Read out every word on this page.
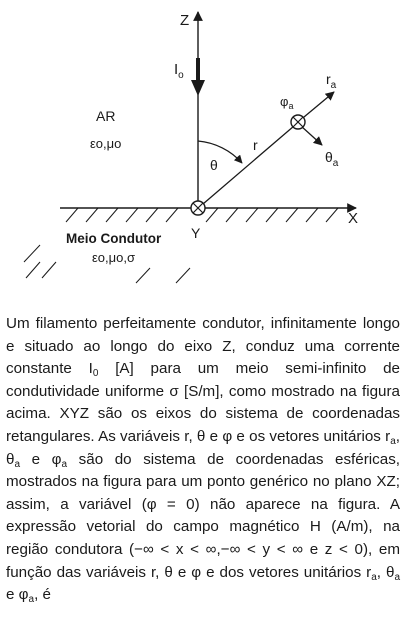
Z
$I_o$
AR
εo,μo
Y
X
r
θ
$\varphi_a$
$r_a$
$\theta_a$
Meio Condutor
εo,μo,σ
Um filamento perfeitamente condutor, infinitamente longo e situado ao longo do eixo Z, conduz uma corrente constante $I_0$ [A] para um meio semi-infinito de condutividade uniforme σ [S/m], como mostrado na figura acima. XYZ são os eixos do sistema de coordenadas retangulares. As variáveis r, θ e φ e os vetores unitários $r_a$, $\theta_a$ e $\varphi_a$ são do sistema de coordenadas esféricas, mostrados na figura para um ponto genérico no plano XZ; assim, a variável (φ = 0) não aparece na figura. A expressão vetorial do campo magnético H (A/m), na região condutora (−∞ < x < ∞,−∞ < y < ∞ e z < 0), em função das variáveis r, θ e φ e dos vetores unitários $r_a$, $\theta_a$ e $\varphi_a$, é
